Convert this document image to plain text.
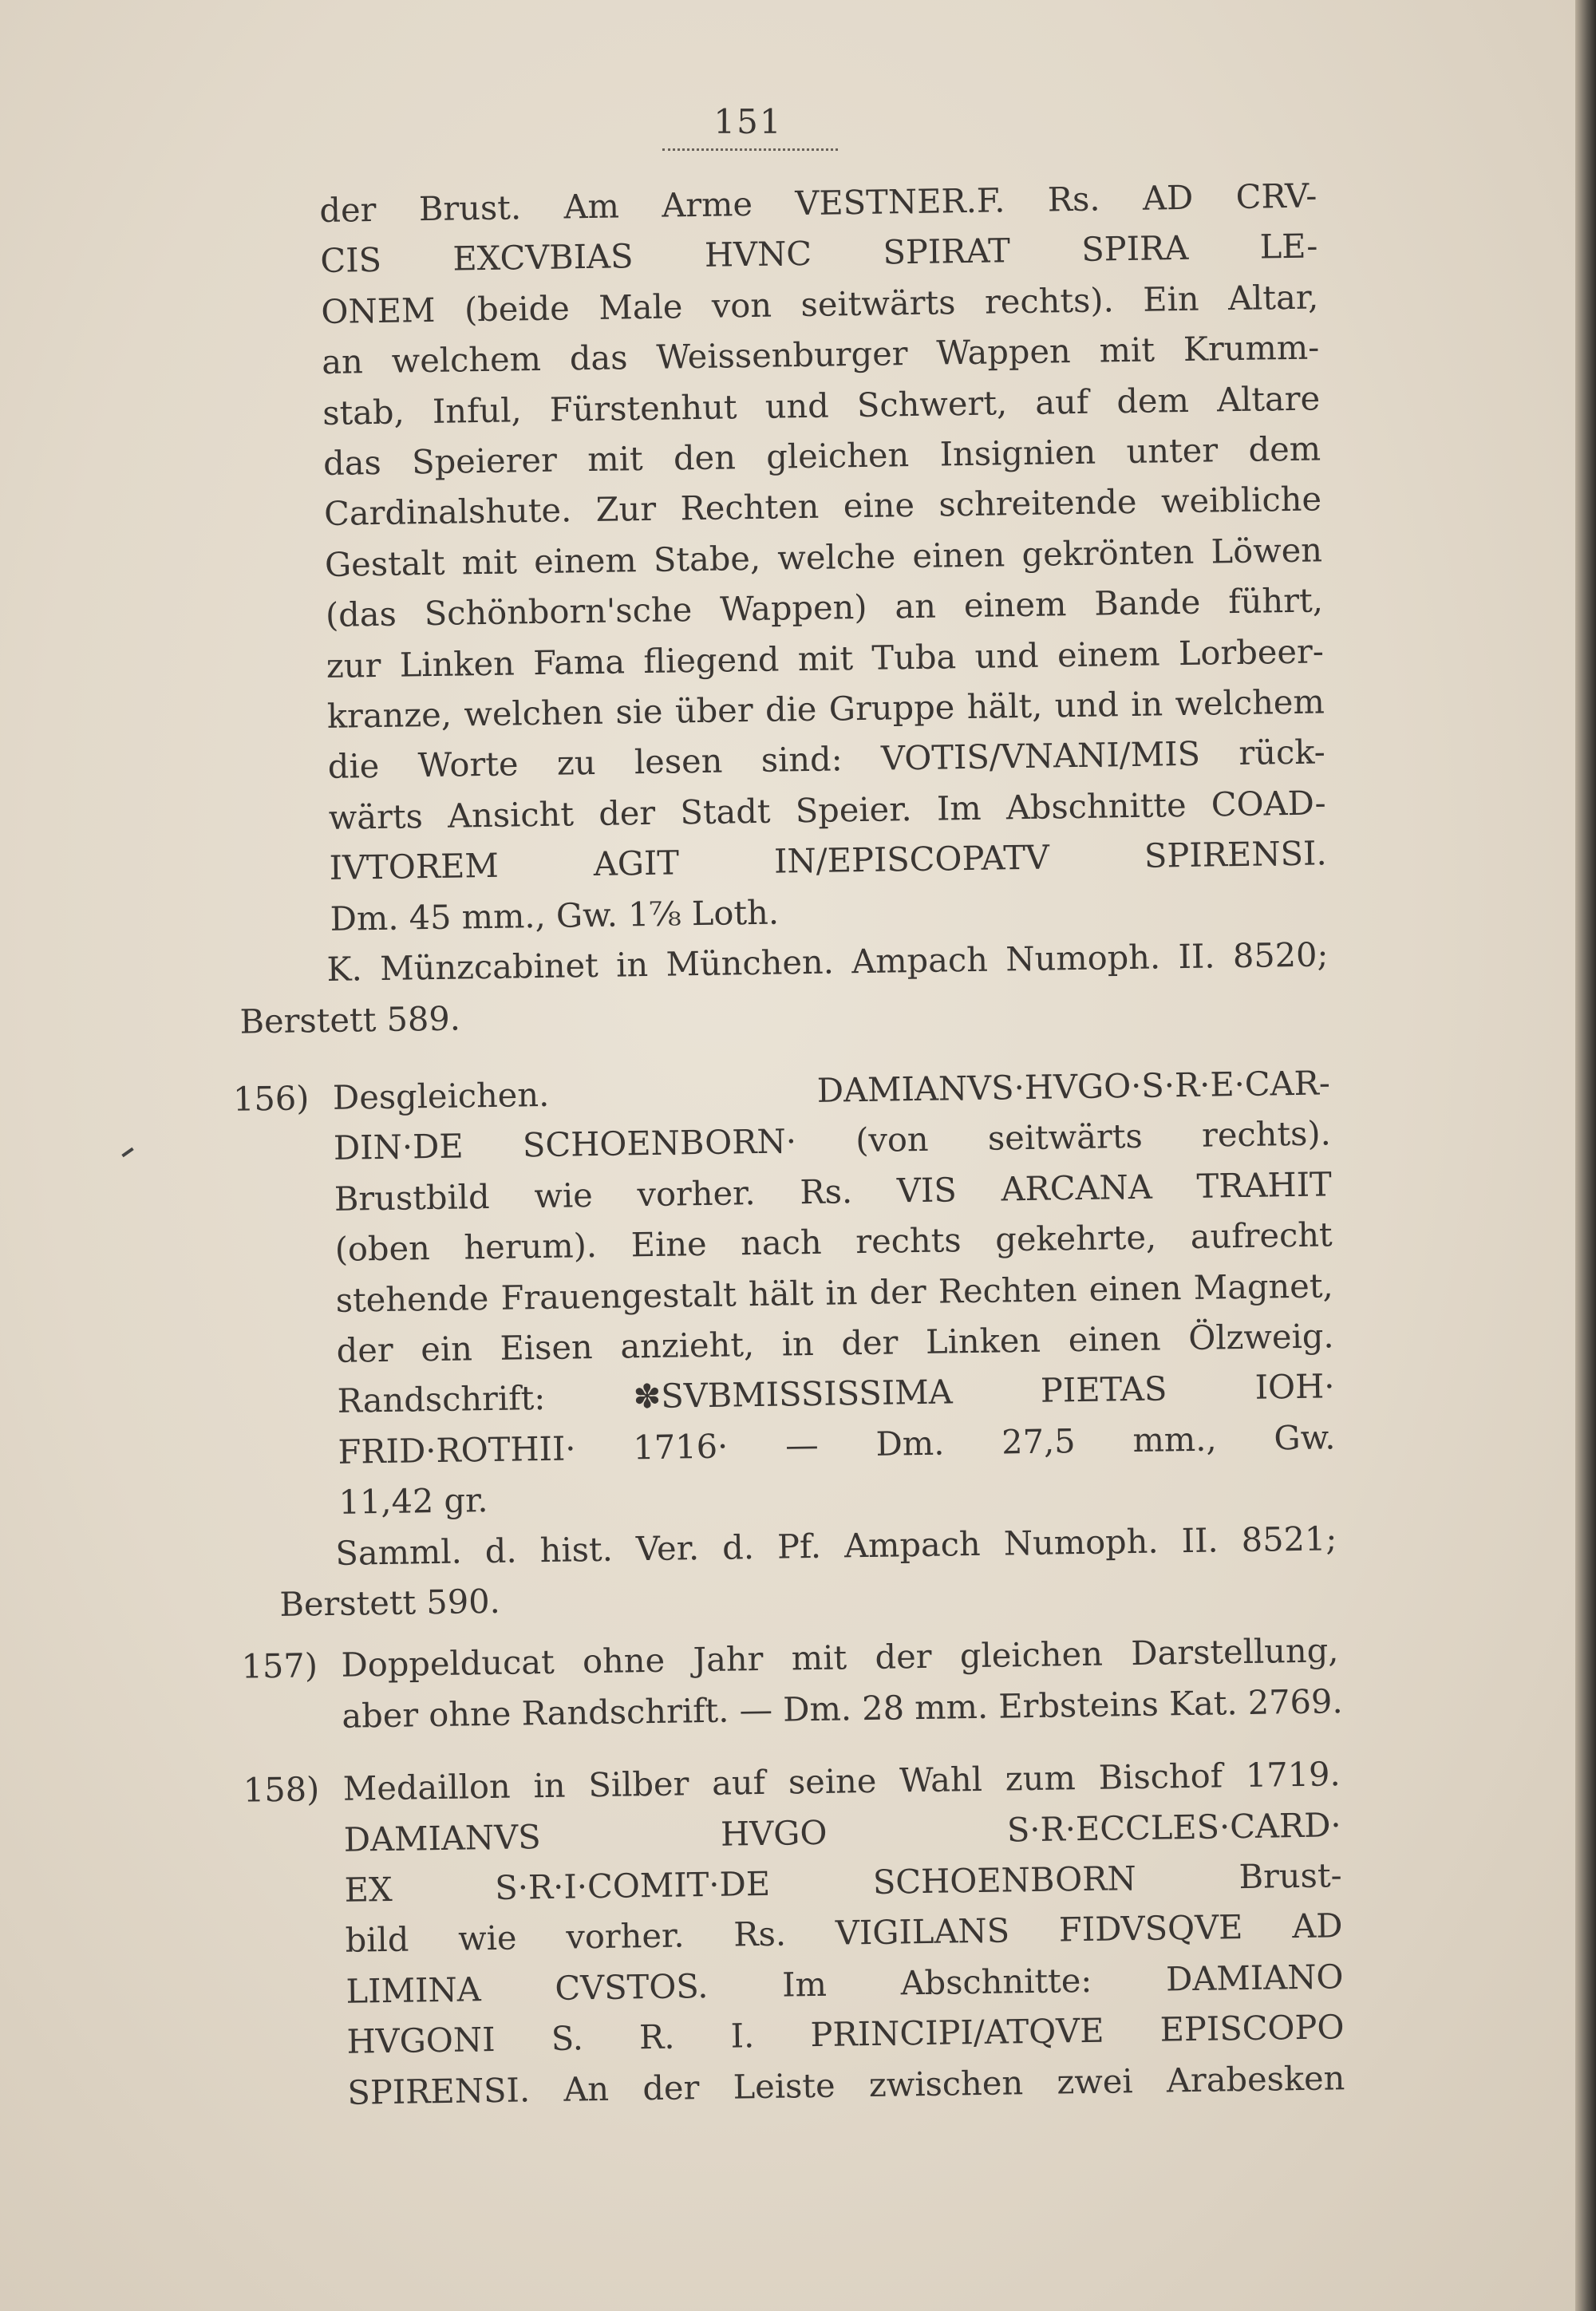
151
der Brust. Am Arme VESTNER.F. Rs. AD CRV-
CIS EXCVBIAS HVNC SPIRAT SPIRA LE-
ONEM (beide Male von seitwärts rechts). Ein Altar,
an welchem das Weissenburger Wappen mit Krumm-
stab, Inful, Fürstenhut und Schwert, auf dem Altare
das Speierer mit den gleichen Insignien unter dem
Cardinalshute. Zur Rechten eine schreitende weibliche
Gestalt mit einem Stabe, welche einen gekrönten Löwen
(das Schönborn'sche Wappen) an einem Bande führt,
zur Linken Fama fliegend mit Tuba und einem Lorbeer-
kranze, welchen sie über die Gruppe hält, und in welchem
die Worte zu lesen sind: VOTIS/VNANI/MIS rück-
wärts Ansicht der Stadt Speier. Im Abschnitte COAD-
IVTOREM AGIT IN/EPISCOPATV SPIRENSI.
Dm. 45 mm., Gw. 1⅞ Loth.
K. Münzcabinet in München. Ampach Numoph. II. 8520;
Berstett 589.
156) Desgleichen. DAMIANVS·HVGO·S·R·E·CAR-
DIN·DE SCHOENBORN· (von seitwärts rechts).
Brustbild wie vorher. Rs. VIS ARCANA TRAHIT
(oben herum). Eine nach rechts gekehrte, aufrecht
stehende Frauengestalt hält in der Rechten einen Magnet,
der ein Eisen anzieht, in der Linken einen Ölzweig.
Randschrift: ✽SVBMISSISSIMA PIETAS IOH·
FRID·ROTHII· 1716· — Dm. 27,5 mm., Gw.
11,42 gr.
Samml. d. hist. Ver. d. Pf. Ampach Numoph. II. 8521;
Berstett 590.
157) Doppelducat ohne Jahr mit der gleichen Darstellung,
aber ohne Randschrift. — Dm. 28 mm. Erbsteins Kat. 2769.
158) Medaillon in Silber auf seine Wahl zum Bischof 1719.
DAMIANVS HVGO S·R·ECCLES·CARD·
EX S·R·I·COMIT·DE SCHOENBORN Brust-
bild wie vorher. Rs. VIGILANS FIDVSQVE AD
LIMINA CVSTOS. Im Abschnitte: DAMIANO
HVGONI S. R. I. PRINCIPI/ATQVE EPISCOPO
SPIRENSI. An der Leiste zwischen zwei Arabesken
